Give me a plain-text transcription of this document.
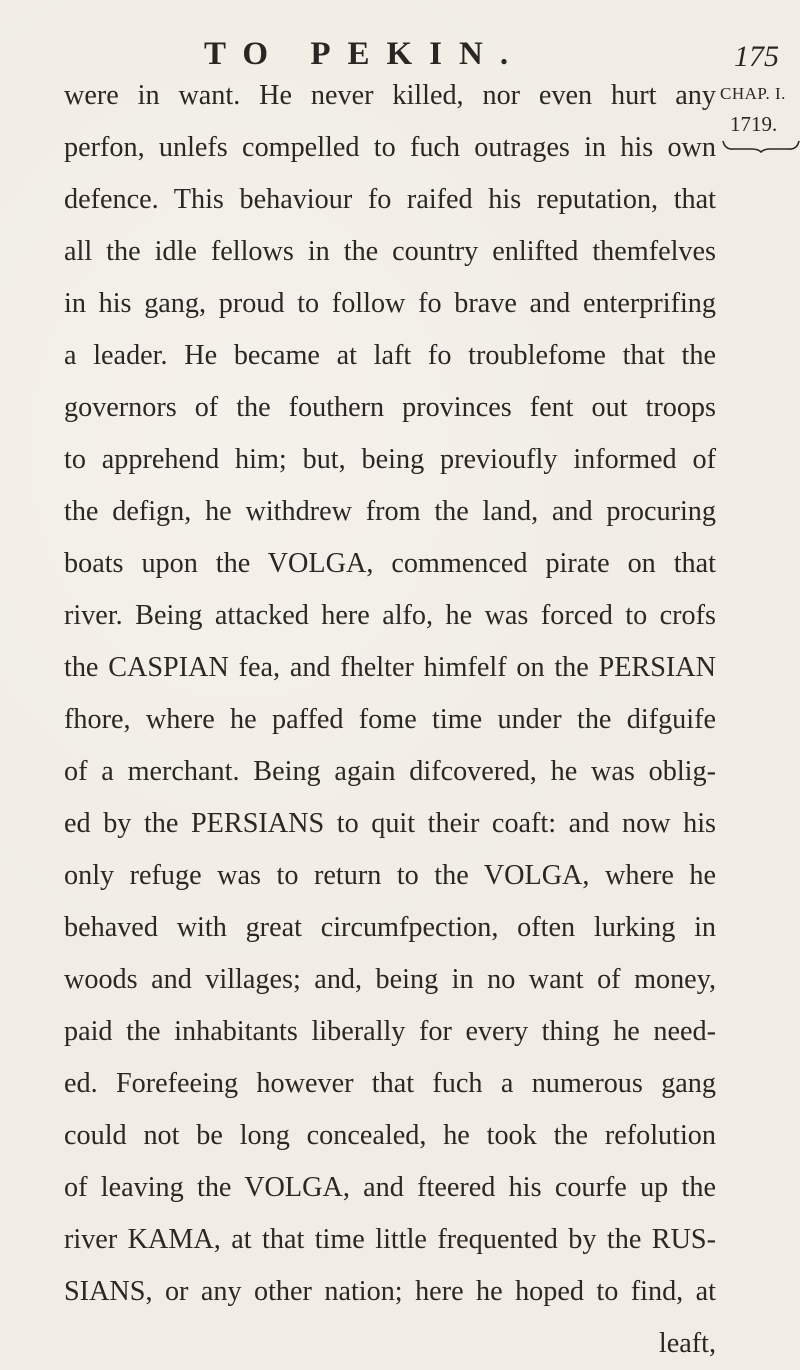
TO PEKIN.	175
CHAP. I.
1719.
were in want. He never killed, nor even hurt any
perfon, unlefs compelled to fuch outrages in his own
defence. This behaviour fo raifed his reputation, that
all the idle fellows in the country enlifted themfelves
in his gang, proud to follow fo brave and enterprifing
a leader. He became at laft fo troublefome that the
governors of the fouthern provinces fent out troops
to apprehend him; but, being previoufly informed of
the defign, he withdrew from the land, and procuring
boats upon the VOLGA, commenced pirate on that
river. Being attacked here alfo, he was forced to crofs
the CASPIAN fea, and fhelter himfelf on the PERSIAN
fhore, where he paffed fome time under the difguife
of a merchant. Being again difcovered, he was oblig-
ed by the PERSIANS to quit their coaft: and now his
only refuge was to return to the VOLGA, where he
behaved with great circumfpection, often lurking in
woods and villages; and, being in no want of money,
paid the inhabitants liberally for every thing he need-
ed. Forefeeing however that fuch a numerous gang
could not be long concealed, he took the refolution
of leaving the VOLGA, and fteered his courfe up the
river KAMA, at that time little frequented by the RUS-
SIANS, or any other nation; here he hoped to find, at
leaft,
